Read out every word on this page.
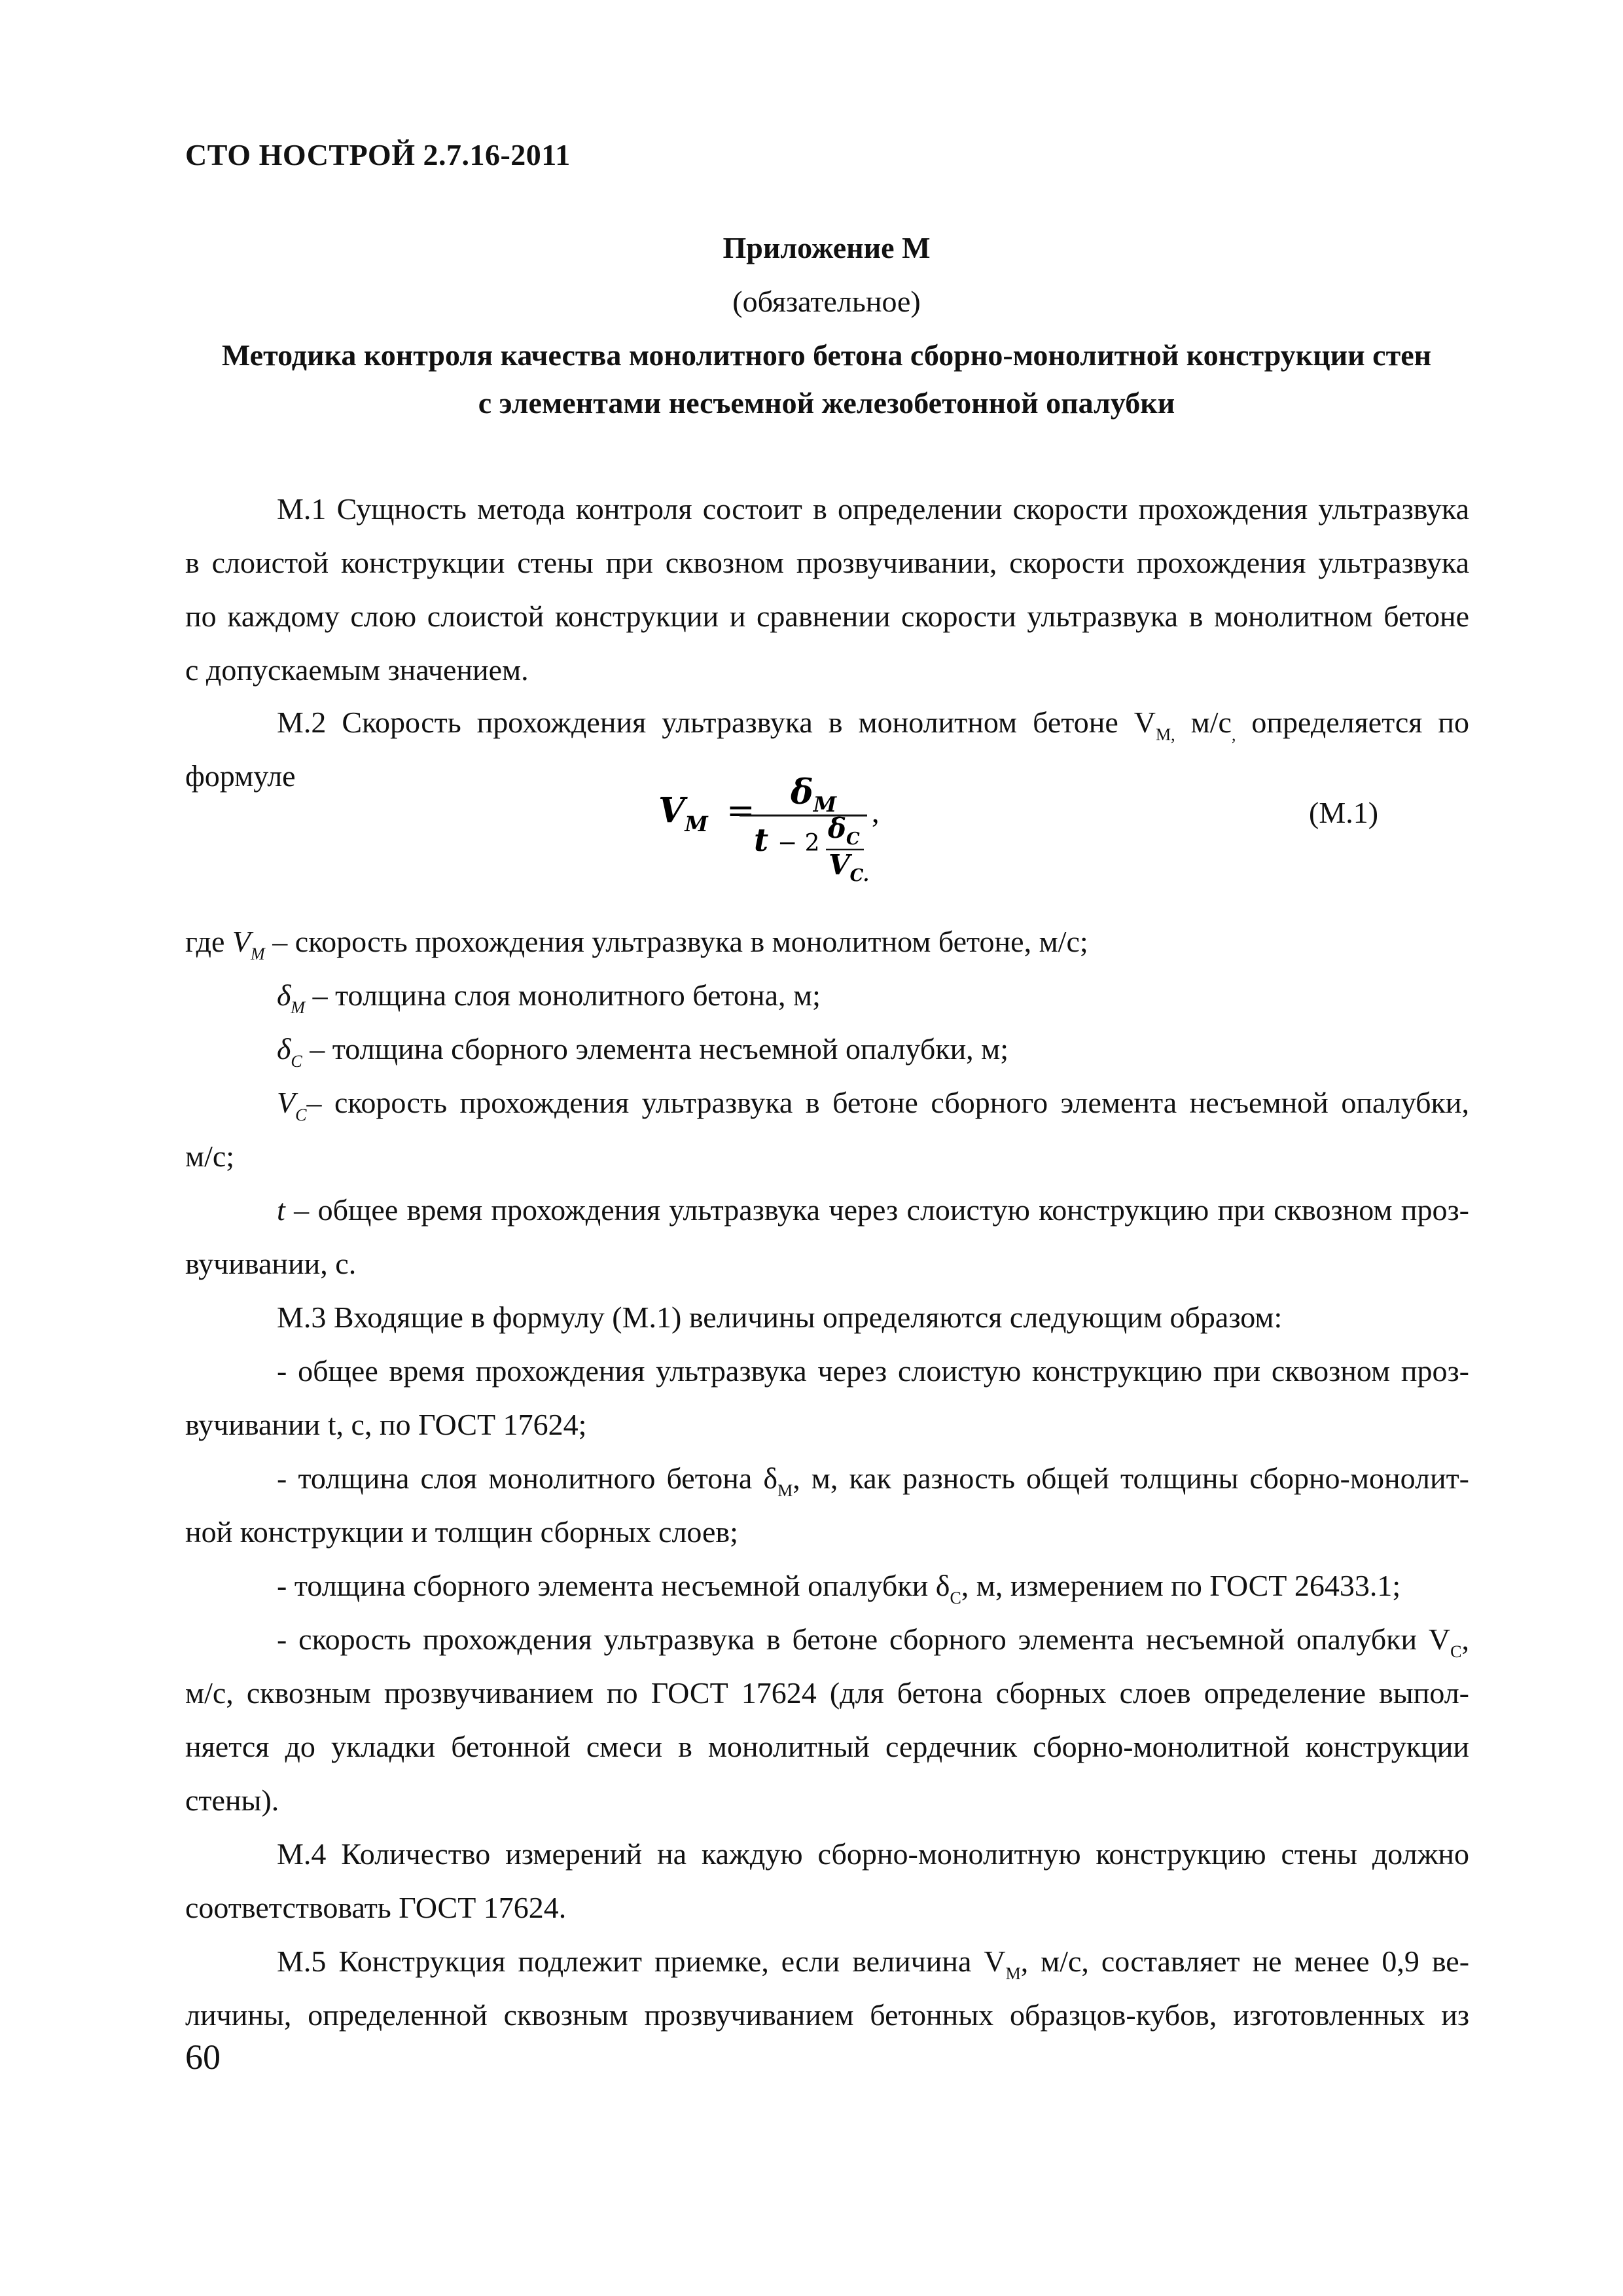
СТО НОСТРОЙ 2.7.16-2011
Приложение М
(обязательное)
Методика контроля качества монолитного бетона сборно-монолитной конструкции стен
с элементами несъемной железобетонной опалубки

М.1 Сущность метода контроля состоит в определении скорости прохождения ультразвука

в слоистой конструкции стены при сквозном прозвучивании, скорости прохождения ультразвука

по каждому слою слоистой конструкции и сравнении скорости ультразвука в монолитном бетоне

с допускаемым значением.

М.2 Скорость прохождения ультразвука в монолитном бетоне $V_{М,}$ $м/с_,$ определяется по

формуле

$V_M = \delta_M$
t − 2 $\delta_C$
$V_{C.}$
,	(М.1)

где $V_M$ – скорость прохождения ультразвука в монолитном бетоне, м/с;

$\delta_M$ – толщина слоя монолитного бетона, м;

$\delta_C$ – толщина сборного элемента несъемной опалубки, м;

$V_C-$ скорость прохождения ультразвука в бетоне сборного элемента несъемной опалубки,

м/с;

t – общее время прохождения ультразвука через слоистую конструкцию при сквозном проз-

вучивании, с.

М.3 Входящие в формулу (М.1) величины определяются следующим образом:

- общее время прохождения ультразвука через слоистую конструкцию при сквозном проз-

вучивании t, с, по ГОСТ 17624;

- толщина слоя монолитного бетона $\delta_М$, м, как разность общей толщины сборно-монолит-

ной конструкции и толщин сборных слоев;

- толщина сборного элемента несъемной опалубки $\delta_С$, м, измерением по ГОСТ 26433.1;

- скорость прохождения ультразвука в бетоне сборного элемента несъемной опалубки $V_С$,

м/с, сквозным прозвучиванием по ГОСТ 17624 (для бетона сборных слоев определение выпол-

няется до укладки бетонной смеси в монолитный сердечник сборно-монолитной конструкции

стены).

М.4 Количество измерений на каждую сборно-монолитную конструкцию стены должно

соответствовать ГОСТ 17624.

М.5 Конструкция подлежит приемке, если величина $V_М$, м/с, составляет не менее 0,9 ве-

личины, определенной сквозным прозвучиванием бетонных образцов-кубов, изготовленных из

60
